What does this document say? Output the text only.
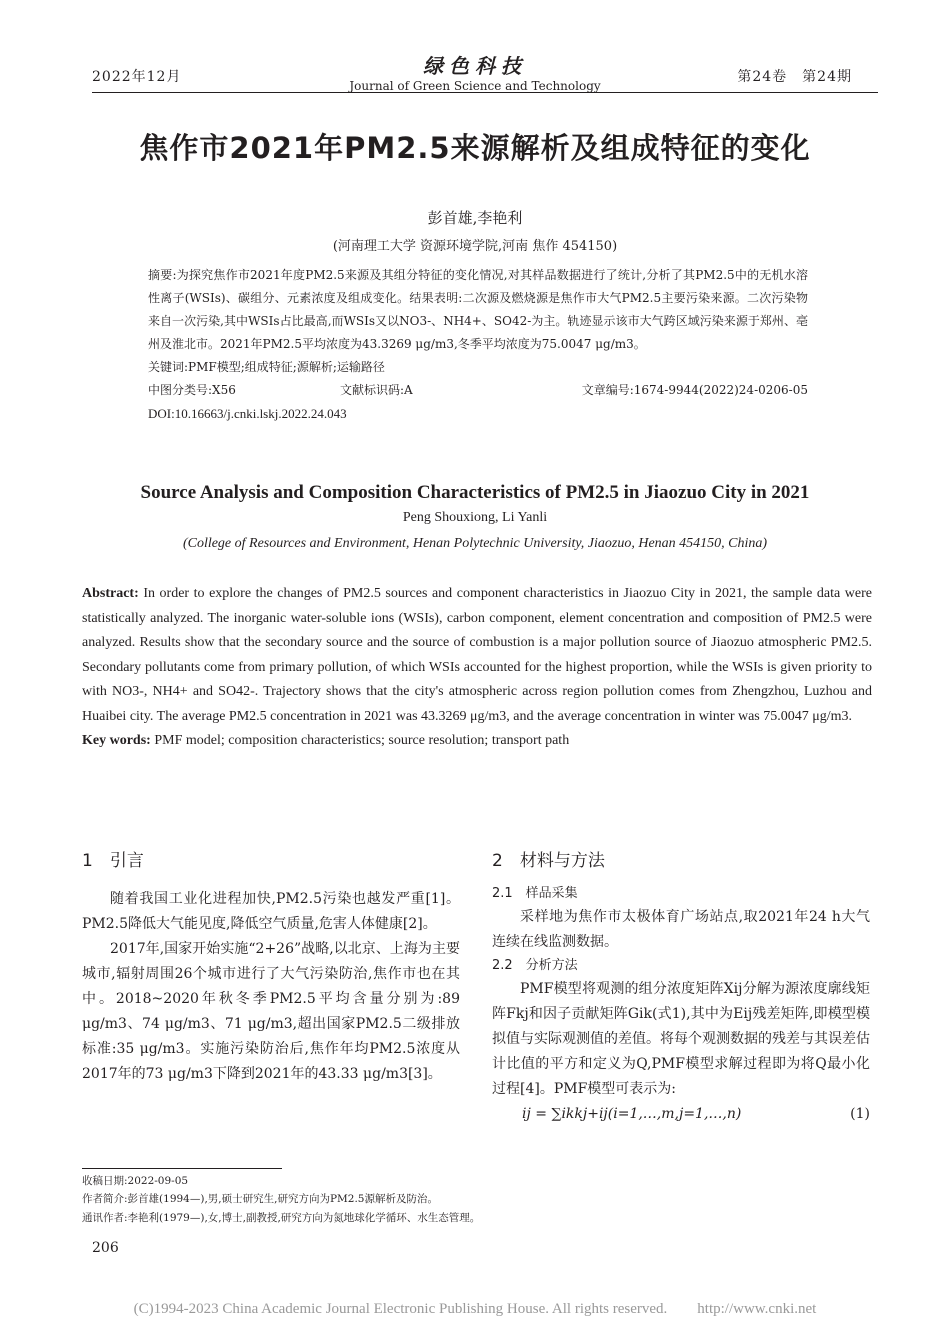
2022年12月	绿色科技
Journal of Green Science and Technology
第24卷　第24期
焦作市2021年PM2.5来源解析及组成特征的变化
彭首雄,李艳利
(河南理工大学 资源环境学院,河南 焦作 454150)
摘要:为探究焦作市2021年度PM2.5来源及其组分特征的变化情况,对其样品数据进行了统计,分析了其PM2.5中的无机水溶性离子(WSIs)、碳组分、元素浓度及组成变化。结果表明:二次源及燃烧源是焦作市大气PM2.5主要污染来源。二次污染物来自一次污染,其中WSIs占比最高,而WSIs又以NO3-、NH4+、SO42-为主。轨迹显示该市大气跨区域污染来源于郑州、亳州及淮北市。2021年PM2.5平均浓度为43.3269 μg/m3,冬季平均浓度为75.0047 μg/m3。
关键词:PMF模型;组成特征;源解析;运输路径
中图分类号:X56	文献标识码:A	文章编号:1674-9944(2022)24-0206-05
DOI:10.16663/j.cnki.lskj.2022.24.043
Source Analysis and Composition Characteristics of PM2.5 in Jiaozuo City in 2021
Peng Shouxiong, Li Yanli
(College of Resources and Environment, Henan Polytechnic University, Jiaozuo, Henan 454150, China)
Abstract: In order to explore the changes of PM2.5 sources and component characteristics in Jiaozuo City in 2021, the sample data were statistically analyzed. The inorganic water-soluble ions (WSIs), carbon component, element concentration and composition of PM2.5 were analyzed. Results show that the secondary source and the source of combustion is a major pollution source of Jiaozuo atmospheric PM2.5. Secondary pollutants come from primary pollution, of which WSIs accounted for the highest proportion, while the WSIs is given priority to with NO3-, NH4+ and SO42-. Trajectory shows that the city's atmospheric across region pollution comes from Zhengzhou, Luzhou and Huaibei city. The average PM2.5 concentration in 2021 was 43.3269 μg/m3, and the average concentration in winter was 75.0047 μg/m3.
Key words: PMF model; composition characteristics; source resolution; transport path
1　引言
随着我国工业化进程加快,PM2.5污染也越发严重[1]。PM2.5降低大气能见度,降低空气质量,危害人体健康[2]。
2017年,国家开始实施“2+26”战略,以北京、上海为主要城市,辐射周围26个城市进行了大气污染防治,焦作市也在其中。2018~2020年秋冬季PM2.5平均含量分别为:89 μg/m3、74 μg/m3、71 μg/m3,超出国家PM2.5二级排放标准:35 μg/m3。实施污染防治后,焦作年均PM2.5浓度从2017年的73 μg/m3下降到2021年的43.33 μg/m3[3]。
2　材料与方法
2.1　样品采集
采样地为焦作市太极体育广场站点,取2021年24 h大气连续在线监测数据。
2.2　分析方法
PMF模型将观测的组分浓度矩阵Xij分解为源浓度廓线矩阵Fkj和因子贡献矩阵Gik(式1),其中为Eij残差矩阵,即模型模拟值与实际观测值的差值。将每个观测数据的残差与其误差估计比值的平方和定义为Q,PMF模型求解过程即为将Q最小化过程[4]。PMF模型可表示为:
ij = ∑ikkj+ij(i=1,…,m,j=1,…,n)	(1)
收稿日期:2022-09-05
作者简介:彭首雄(1994—),男,硕士研究生,研究方向为PM2.5源解析及防治。
通讯作者:李艳利(1979—),女,博士,副教授,研究方向为氮地球化学循环、水生态管理。
206
(C)1994-2023 China Academic Journal Electronic Publishing House. All rights reserved.　　http://www.cnki.net
